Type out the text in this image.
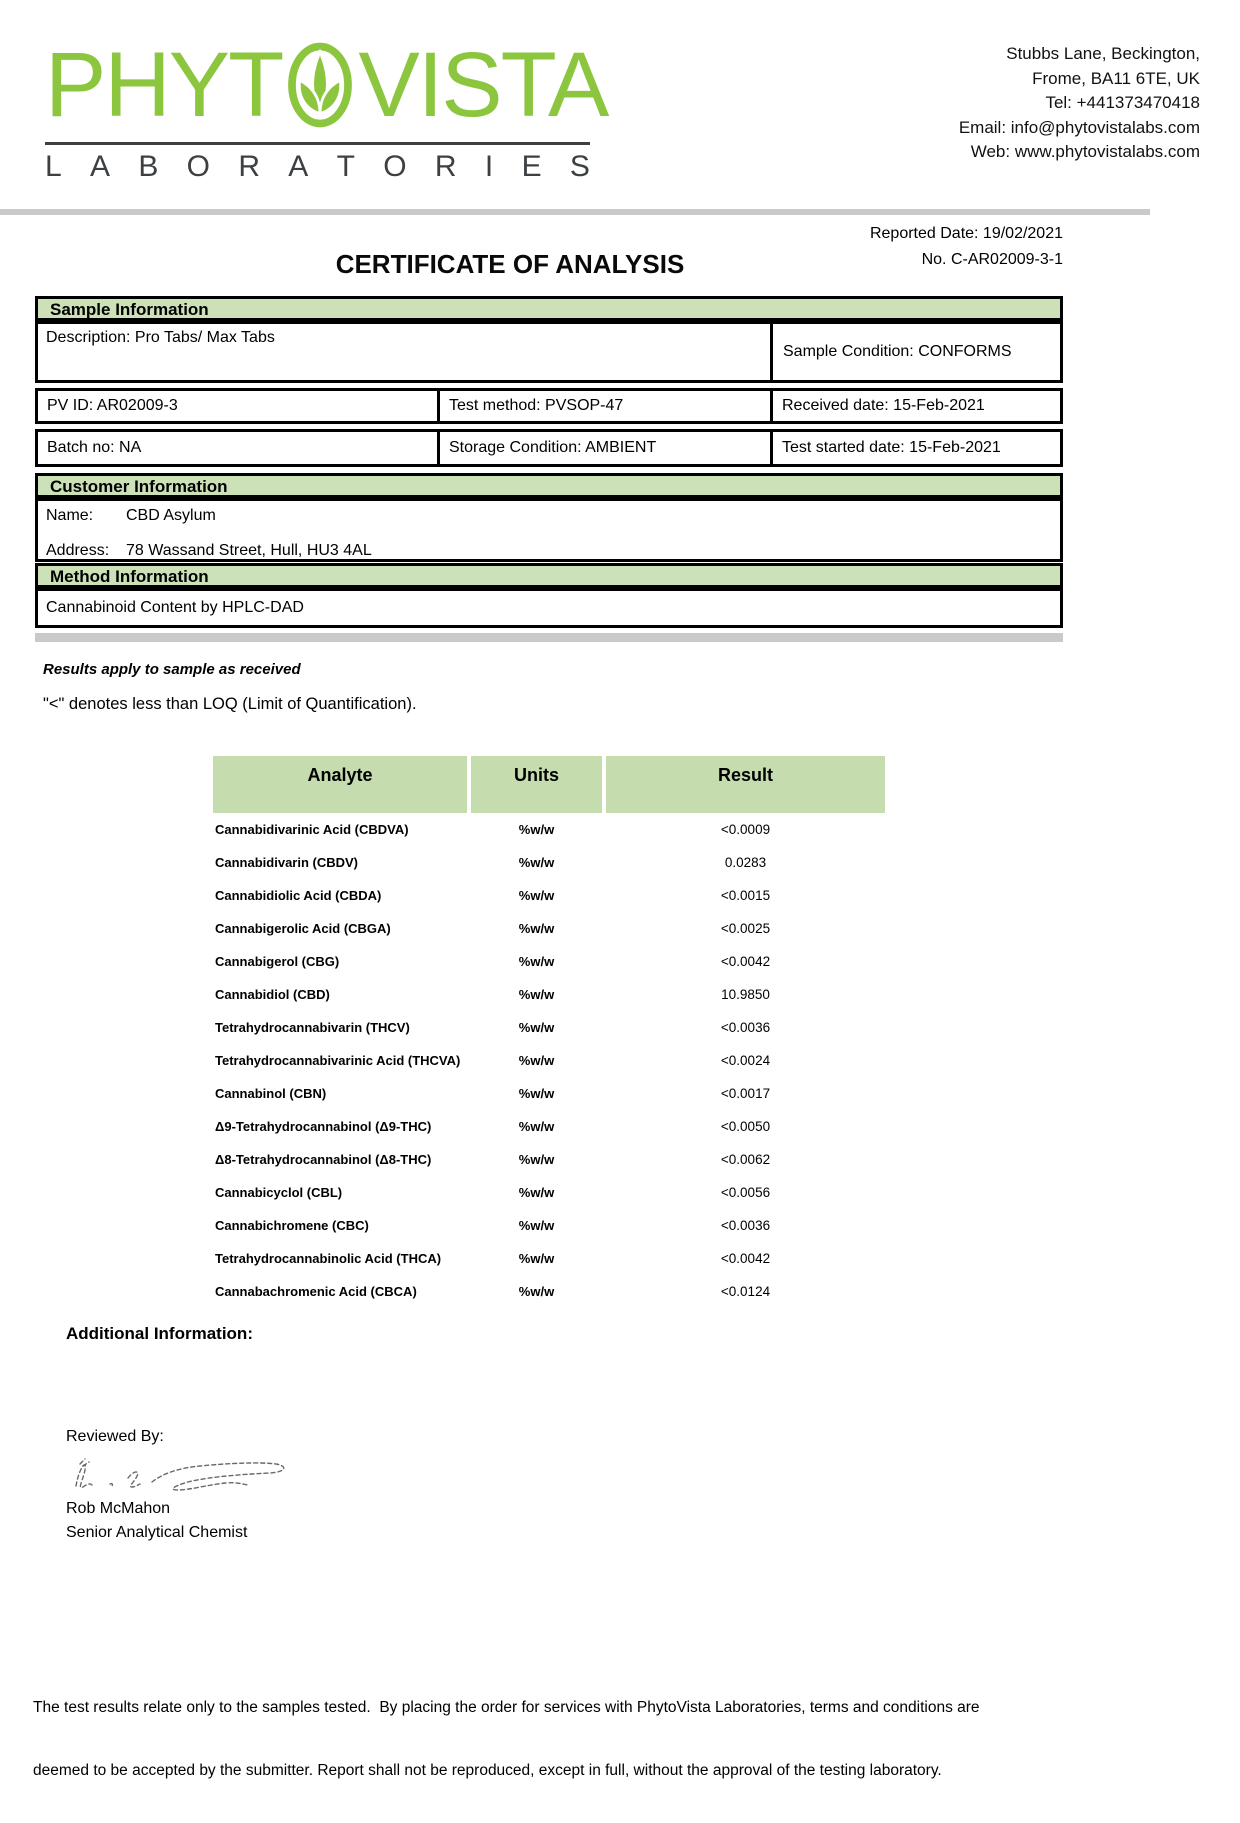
PHYT VISTA
L A B O R A T O R I E S
Stubbs Lane, Beckington,
Frome, BA11 6TE, UK
Tel: +441373470418
Email: info@phytovistalabs.com
Web: www.phytovistalabs.com
Reported Date: 19/02/2021
No. C-AR02009-3-1
CERTIFICATE OF ANALYSIS
Sample Information
Description: Pro Tabs/ Max Tabs
Sample Condition: CONFORMS
PV ID: AR02009-3	Test method: PVSOP-47	Received date: 15-Feb-2021
Batch no: NA	Storage Condition: AMBIENT	Test started date: 15-Feb-2021
Customer Information
Name:	CBD Asylum
Address:	78 Wassand Street, Hull, HU3 4AL
Method Information
Cannabinoid Content by HPLC-DAD
Results apply to sample as received
"<" denotes less than LOQ (Limit of Quantification).
Analyte	Units	Result
Cannabidivarinic Acid (CBDVA)	%w/w	<0.0009
Cannabidivarin (CBDV)	%w/w	0.0283
Cannabidiolic Acid (CBDA)	%w/w	<0.0015
Cannabigerolic Acid (CBGA)	%w/w	<0.0025
Cannabigerol (CBG)	%w/w	<0.0042
Cannabidiol (CBD)	%w/w	10.9850
Tetrahydrocannabivarin (THCV)	%w/w	<0.0036
Tetrahydrocannabivarinic Acid (THCVA)	%w/w	<0.0024
Cannabinol (CBN)	%w/w	<0.0017
Δ9-Tetrahydrocannabinol (Δ9-THC)	%w/w	<0.0050
Δ8-Tetrahydrocannabinol (Δ8-THC)	%w/w	<0.0062
Cannabicyclol (CBL)	%w/w	<0.0056
Cannabichromene (CBC)	%w/w	<0.0036
Tetrahydrocannabinolic Acid (THCA)	%w/w	<0.0042
Cannabachromenic Acid (CBCA)	%w/w	<0.0124
Additional Information:
Reviewed By:
Rob McMahon
Senior Analytical Chemist

The test results relate only to the samples tested.  By placing the order for services with PhytoVista Laboratories, terms and conditions are

deemed to be accepted by the submitter. Report shall not be reproduced, except in full, without the approval of the testing laboratory.
